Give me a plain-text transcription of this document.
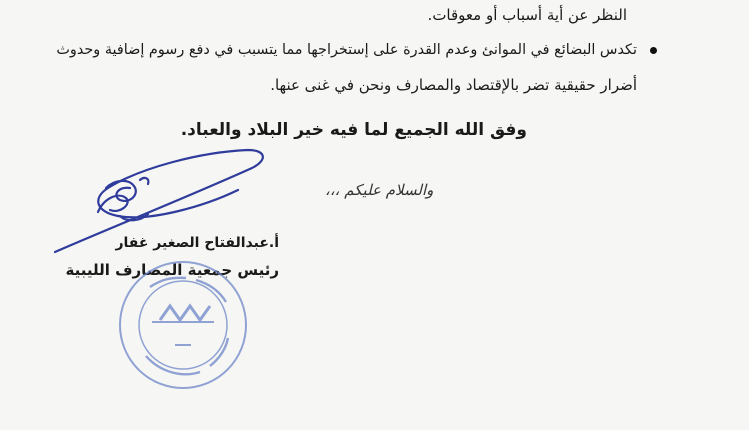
النظر عن أية أسباب أو معوقات.
تكدس البضائع في الموانئ وعدم القدرة على إستخراجها مما يتسبب في دفع رسوم إضافية وحدوث
أضرار حقيقية تضر بالإقتصاد والمصارف ونحن في غنى عنها.
وفق الله الجميع لما فيه خير البلاد والعباد.
والسلام عليكم ،،،
أ.عبدالفتاح الصغير غفار
رئيس جمعية المصارف الليبية
